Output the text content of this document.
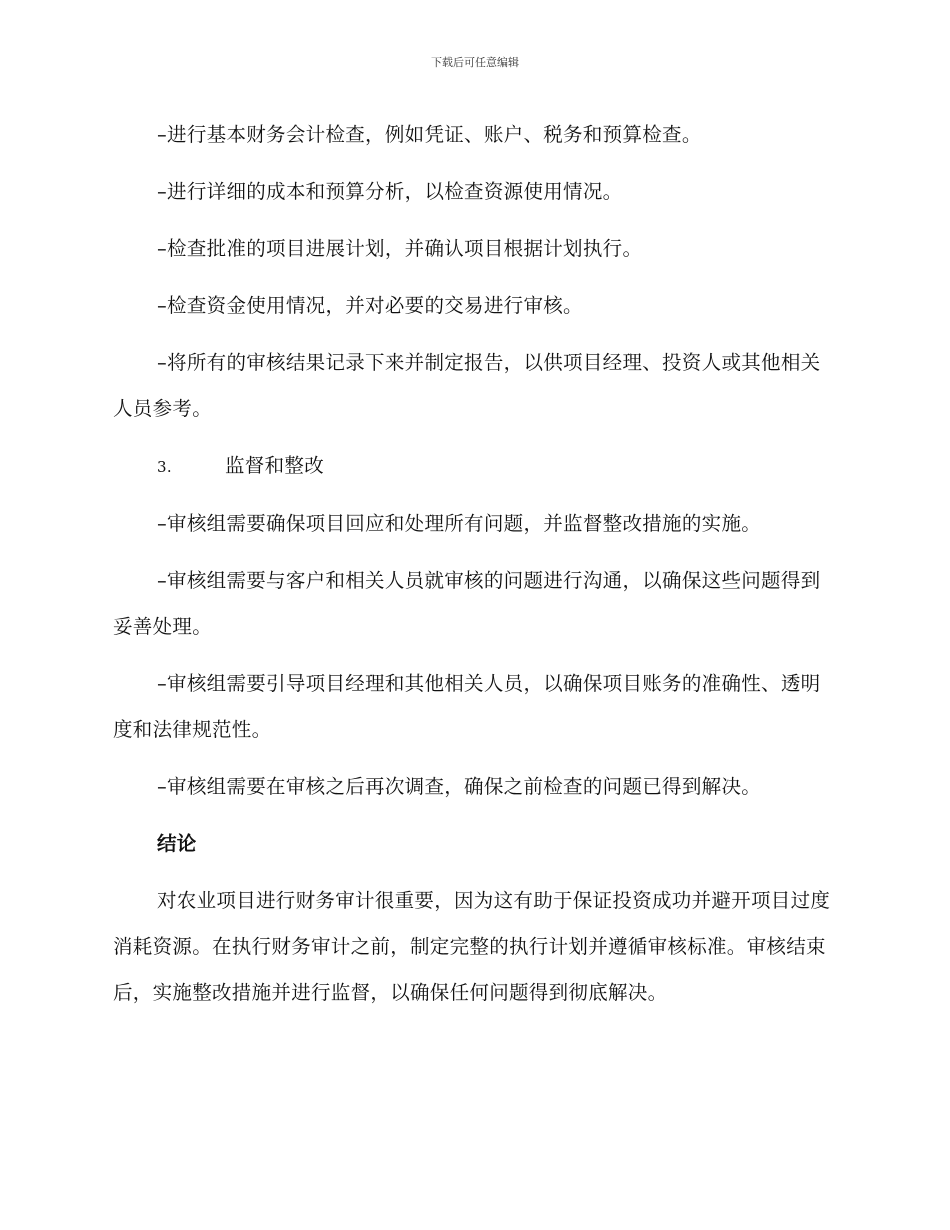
下载后可任意编辑

–进行基本财务会计检查，例如凭证、账户、税务和预算检查。

–进行详细的成本和预算分析，以检查资源使用情况。

–检查批准的项目进展计划，并确认项目根据计划执行。

–检查资金使用情况，并对必要的交易进行审核。

–将所有的审核结果记录下来并制定报告，以供项目经理、投资人或其他相关人员参考。

3.	监督和整改

–审核组需要确保项目回应和处理所有问题，并监督整改措施的实施。

–审核组需要与客户和相关人员就审核的问题进行沟通，以确保这些问题得到妥善处理。

–审核组需要引导项目经理和其他相关人员，以确保项目账务的准确性、透明度和法律规范性。

–审核组需要在审核之后再次调查，确保之前检查的问题已得到解决。

结论

对农业项目进行财务审计很重要，因为这有助于保证投资成功并避开项目过度消耗资源。在执行财务审计之前，制定完整的执行计划并遵循审核标准。审核结束后，实施整改措施并进行监督，以确保任何问题得到彻底解决。
